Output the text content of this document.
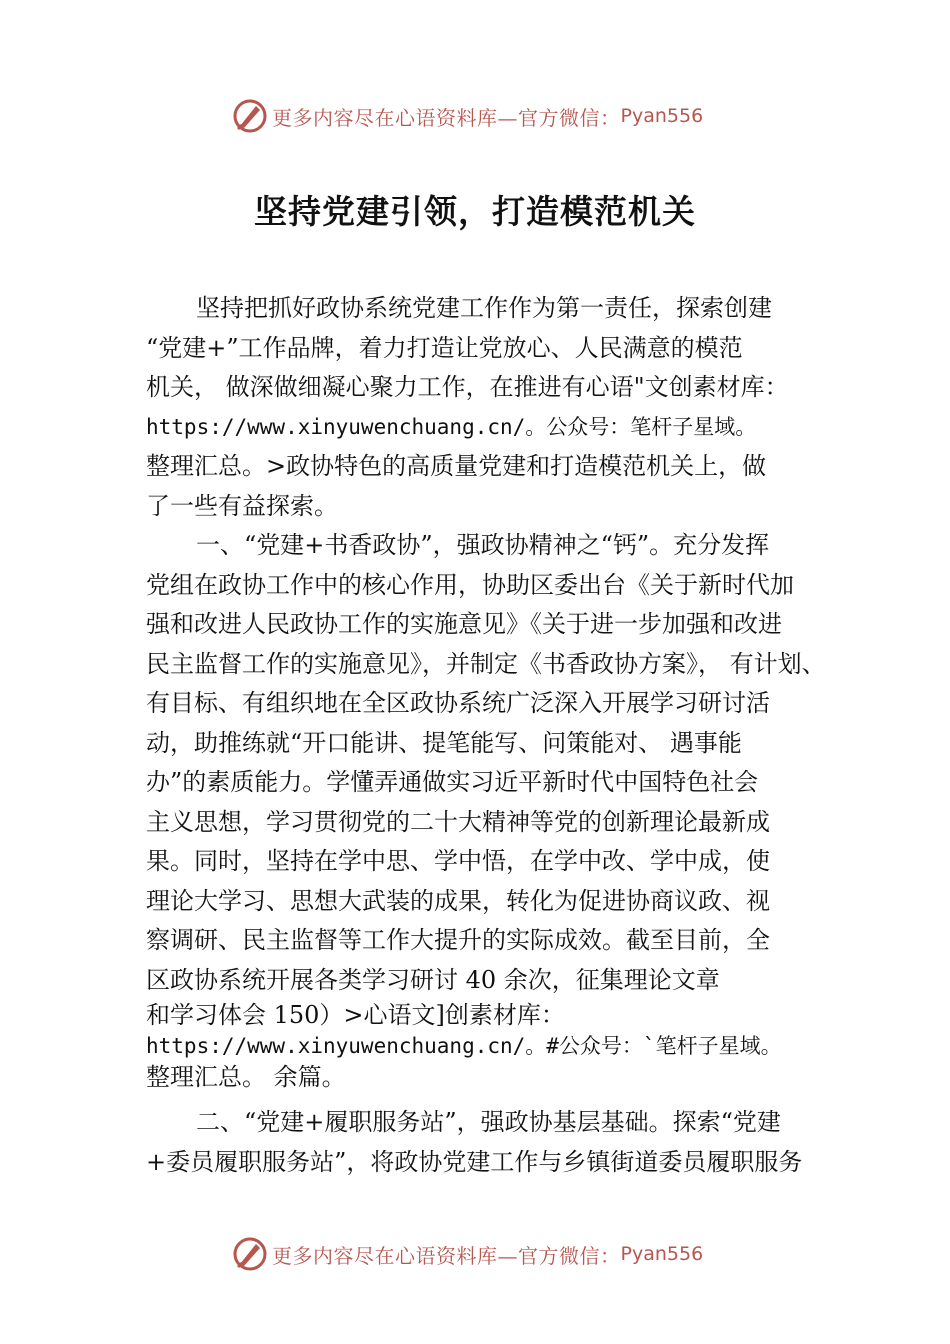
更多内容尽在心语资料库— 官方微信： Pyan556
坚持党建引领，打造模范机关
坚持把抓好政协系统党建工作作为第一责任，探索创建
“党建+”工作品牌，着力打造让党放心、人民满意的模范
机关， 做深做细凝心聚力工作，在推进有心语"文创素材库：
https://www.xinyuwenchuang.cn/。公众号：笔杆子星域。
整理汇总。>政协特色的高质量党建和打造模范机关上，做
了一些有益探索。
一、“党建+书香政协”，强政协精神之“钙”。充分发挥
党组在政协工作中的核心作用，协助区委出台《关于新时代加
强和改进人民政协工作的实施意见》《关于进一步加强和改进
民主监督工作的实施意见》，并制定《书香政协方案》， 有计划、
有目标、有组织地在全区政协系统广泛深入开展学习研讨活
动，助推练就“开口能讲、提笔能写、问策能对、 遇事能
办”的素质能力。学懂弄通做实习近平新时代中国特色社会
主义思想，学习贯彻党的二十大精神等党的创新理论最新成
果。同时，坚持在学中思、学中悟，在学中改、学中成，使
理论大学习、思想大武装的成果，转化为促进协商议政、视
察调研、民主监督等工作大提升的实际成效。截至目前，全
区政协系统开展各类学习研讨 40 余次，征集理论文章
和学习体会 150）>心语文]创素材库：
https://www.xinyuwenchuang.cn/。#公众号：`笔杆子星域。
整理汇总。 余篇。
二、“党建+履职服务站”，强政协基层基础。探索“党建
+委员履职服务站”，将政协党建工作与乡镇街道委员履职服务
更多内容尽在心语资料库— 官方微信： Pyan556
